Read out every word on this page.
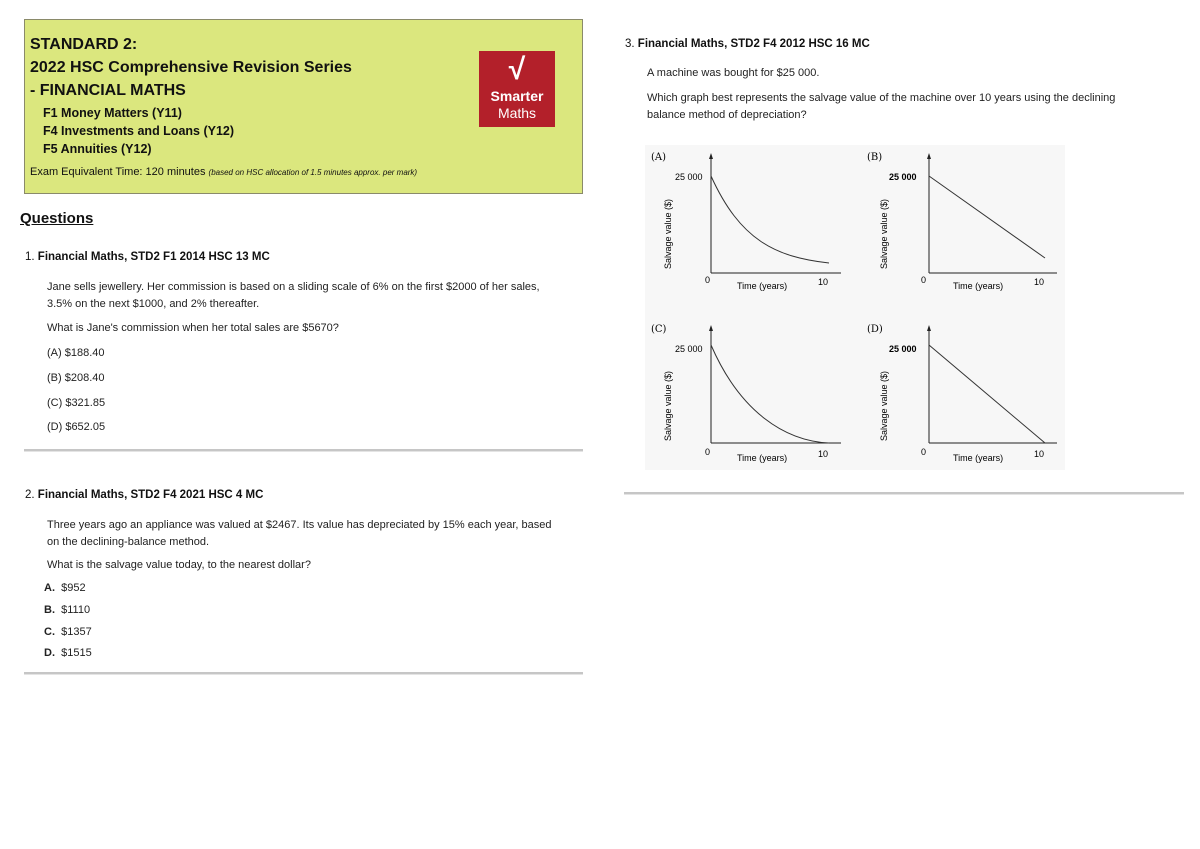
STANDARD 2:
2022 HSC Comprehensive Revision Series
- FINANCIAL MATHS
F1 Money Matters (Y11)
F4 Investments and Loans (Y12)
F5 Annuities (Y12)
Exam Equivalent Time: 120 minutes (based on HSC allocation of 1.5 minutes approx. per mark)
√
Smarter
Maths
Questions
1. Financial Maths, STD2 F1 2014 HSC 13 MC
Jane sells jewellery. Her commission is based on a sliding scale of 6% on the first $2000 of her sales,
3.5% on the next $1000, and 2% thereafter.
What is Jane's commission when her total sales are $5670?
(A) $188.40
(B) $208.40
(C) $321.85
(D) $652.05
2. Financial Maths, STD2 F4 2021 HSC 4 MC
Three years ago an appliance was valued at $2467. Its value has depreciated by 15% each year, based
on the declining-balance method.
What is the salvage value today, to the nearest dollar?
A. $952
B. $1110
C. $1357
D. $1515
3. Financial Maths, STD2 F4 2012 HSC 16 MC
A machine was bought for $25 000.
Which graph best represents the salvage value of the machine over 10 years using the declining
balance method of depreciation?
(A)
25 000
Salvage value ($)
0
Time (years)	10
(B)
25 000
Salvage value ($)
0
Time (years)	10
(C)
25 000
Salvage value ($)
0
Time (years)	10
(D)
25 000
Salvage value ($)
0
Time (years)	10
